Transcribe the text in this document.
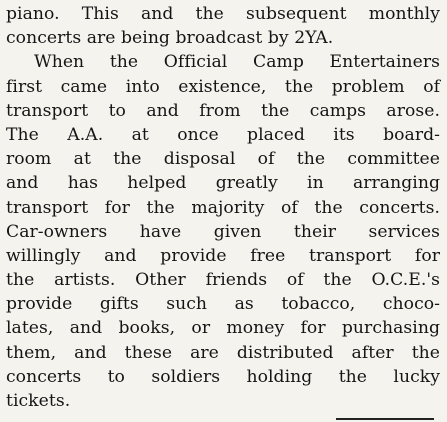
piano. This and the subsequent monthly
concerts are being broadcast by 2YA.
When the Official Camp Entertainers
first came into existence, the problem of
transport to and from the camps arose.
The A.A. at once placed its board-
room at the disposal of the committee
and has helped greatly in arranging
transport for the majority of the concerts.
Car-owners have given their services
willingly and provide free transport for
the artists. Other friends of the O.C.E.'s
provide gifts such as tobacco, choco-
lates, and books, or money for purchasing
them, and these are distributed after the
concerts to soldiers holding the lucky
tickets.
